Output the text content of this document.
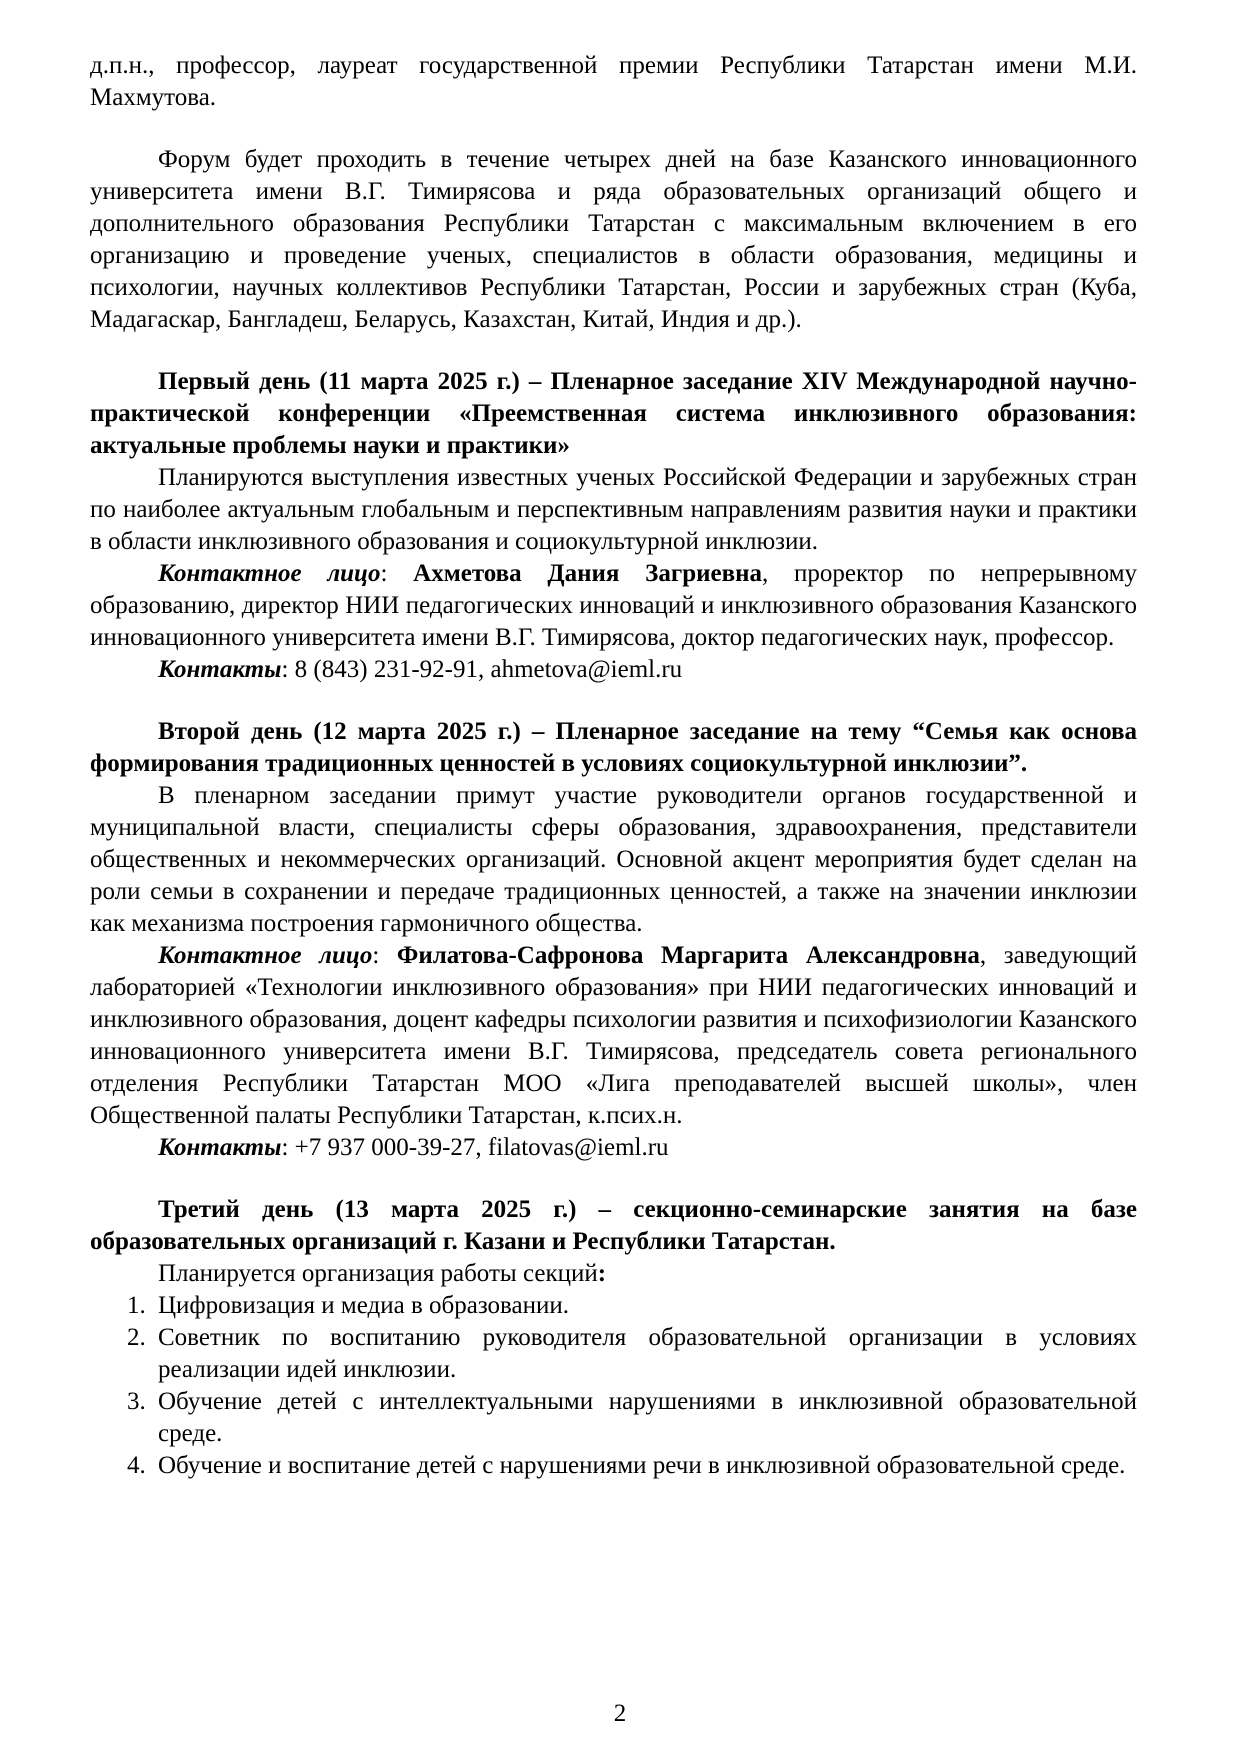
д.п.н., профессор, лауреат государственной премии Республики Татарстан имени М.И. Махмутова.

Форум будет проходить в течение четырех дней на базе Казанского инновационного университета имени В.Г. Тимирясова и ряда образовательных организаций общего и дополнительного образования Республики Татарстан с максимальным включением в его организацию и проведение ученых, специалистов в области образования, медицины и психологии, научных коллективов Республики Татарстан, России и зарубежных стран (Куба, Мадагаскар, Бангладеш, Беларусь, Казахстан, Китай, Индия и др.).

Первый день (11 марта 2025 г.) – Пленарное заседание XIV Международной научно-практической конференции «Преемственная система инклюзивного образования: актуальные проблемы науки и практики»

Планируются выступления известных ученых Российской Федерации и зарубежных стран по наиболее актуальным глобальным и перспективным направлениям развития науки и практики в области инклюзивного образования и социокультурной инклюзии.

Контактное лицо: Ахметова Дания Загриевна, проректор по непрерывному образованию, директор НИИ педагогических инноваций и инклюзивного образования Казанского инновационного университета имени В.Г. Тимирясова, доктор педагогических наук, профессор.

Контакты: 8 (843) 231-92-91, ahmetova@ieml.ru

Второй день (12 марта 2025 г.) – Пленарное заседание на тему “Семья как основа формирования традиционных ценностей в условиях социокультурной инклюзии”.

В пленарном заседании примут участие руководители органов государственной и муниципальной власти, специалисты сферы образования, здравоохранения, представители общественных и некоммерческих организаций. Основной акцент мероприятия будет сделан на роли семьи в сохранении и передаче традиционных ценностей, а также на значении инклюзии как механизма построения гармоничного общества.

Контактное лицо: Филатова-Сафронова Маргарита Александровна, заведующий лабораторией «Технологии инклюзивного образования» при НИИ педагогических инноваций и инклюзивного образования, доцент кафедры психологии развития и психофизиологии Казанского инновационного университета имени В.Г. Тимирясова, председатель совета регионального отделения Республики Татарстан МОО «Лига преподавателей высшей школы», член Общественной палаты Республики Татарстан, к.псих.н.

Контакты: +7 937 000-39-27, filatovas@ieml.ru

Третий день (13 марта 2025 г.) – секционно-семинарские занятия на базе образовательных организаций г. Казани и Республики Татарстан.

Планируется организация работы секций:

1. Цифровизация и медиа в образовании.
2. Советник по воспитанию руководителя образовательной организации в условиях реализации идей инклюзии.
3. Обучение детей с интеллектуальными нарушениями в инклюзивной образовательной среде.
4. Обучение и воспитание детей с нарушениями речи в инклюзивной образовательной среде.
2
